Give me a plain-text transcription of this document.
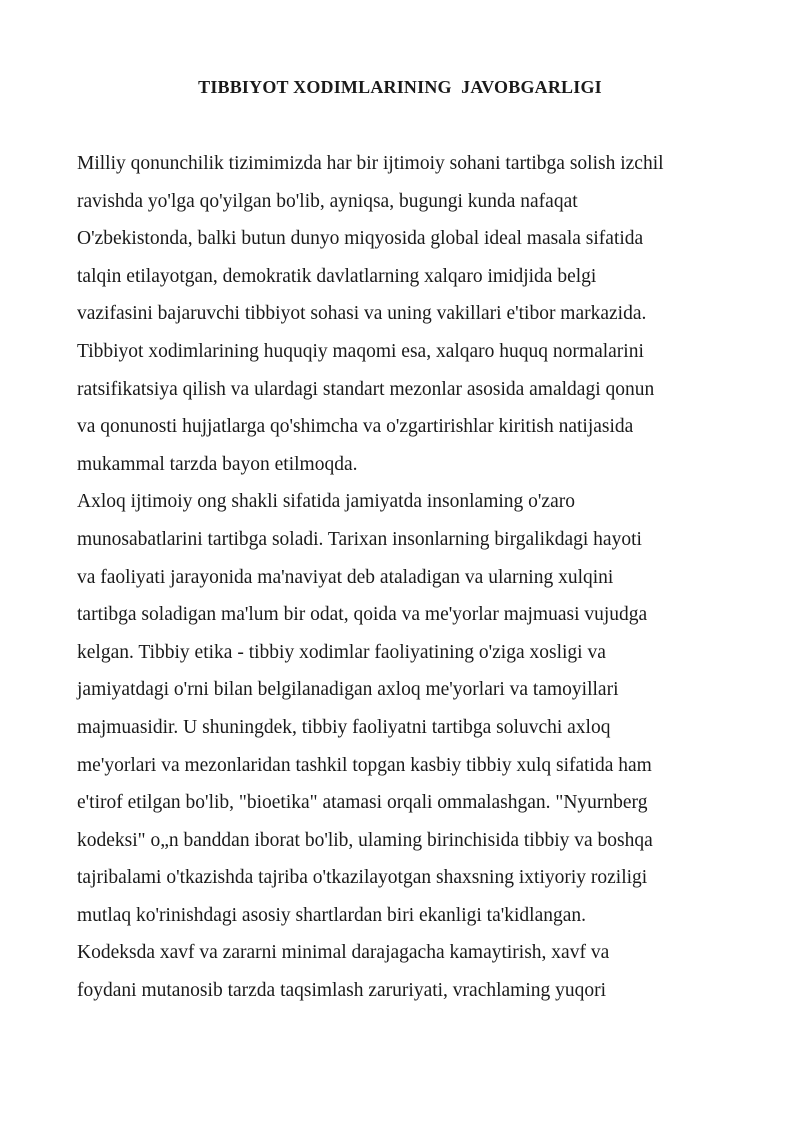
TIBBIYOT XODIMLARINING  JAVOBGARLIGI
Milliy qonunchilik tizimimizda har bir ijtimoiy sohani tartibga solish izchil
ravishda yo'lga qo'yilgan bo'lib, ayniqsa, bugungi kunda nafaqat
O'zbekistonda, balki butun dunyo miqyosida global ideal masala sifatida
talqin etilayotgan, demokratik davlatlarning xalqaro imidjida belgi
vazifasini bajaruvchi tibbiyot sohasi va uning vakillari e'tibor markazida.
Tibbiyot xodimlarining huquqiy maqomi esa, xalqaro huquq normalarini
ratsifikatsiya qilish va ulardagi standart mezonlar asosida amaldagi qonun
va qonunosti hujjatlarga qo'shimcha va o'zgartirishlar kiritish natijasida
mukammal tarzda bayon etilmoqda.
Axloq ijtimoiy ong shakli sifatida jamiyatda insonlaming o'zaro
munosabatlarini tartibga soladi. Tarixan insonlarning birgalikdagi hayoti
va faoliyati jarayonida ma'naviyat deb ataladigan va ularning xulqini
tartibga soladigan ma'lum bir odat, qoida va me'yorlar majmuasi vujudga
kelgan. Tibbiy etika - tibbiy xodimlar faoliyatining o'ziga xosligi va
jamiyatdagi o'rni bilan belgilanadigan axloq me'yorlari va tamoyillari
majmuasidir. U shuningdek, tibbiy faoliyatni tartibga soluvchi axloq
me'yorlari va mezonlaridan tashkil topgan kasbiy tibbiy xulq sifatida ham
e'tirof etilgan bo'lib, "bioetika" atamasi orqali ommalashgan. "Nyurnberg
kodeksi" o„n banddan iborat bo'lib, ulaming birinchisida tibbiy va boshqa
tajribalami o'tkazishda tajriba o'tkazilayotgan shaxsning ixtiyoriy roziligi
mutlaq ko'rinishdagi asosiy shartlardan biri ekanligi ta'kidlangan.
Kodeksda xavf va zararni minimal darajagacha kamaytirish, xavf va
foydani mutanosib tarzda taqsimlash zaruriyati, vrachlaming yuqori
